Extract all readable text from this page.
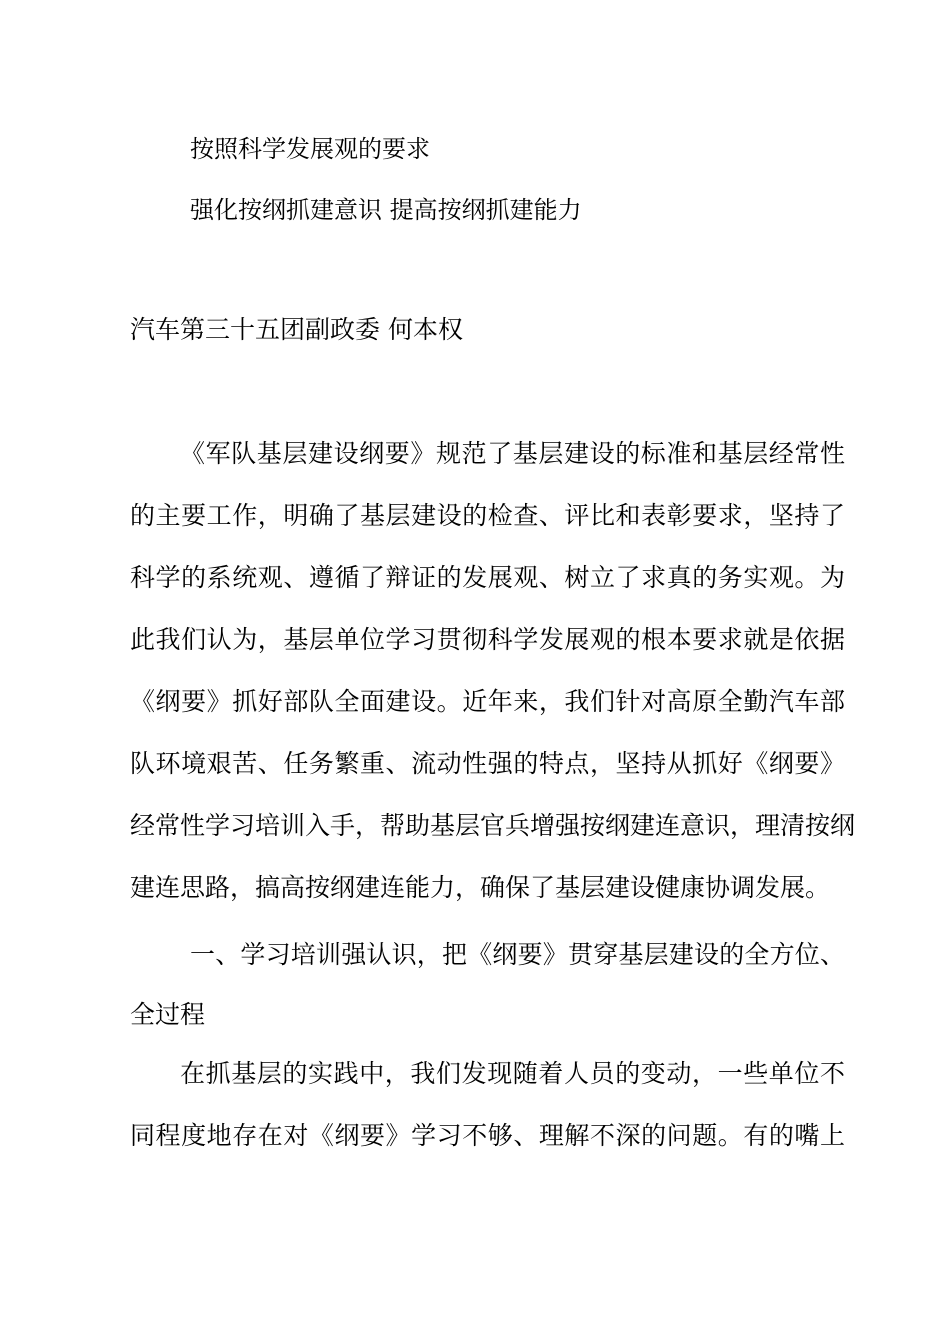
按照科学发展观的要求
强化按纲抓建意识 提高按纲抓建能力
汽车第三十五团副政委 何本权
《军队基层建设纲要》规范了基层建设的标准和基层经常性
的主要工作，明确了基层建设的检查、评比和表彰要求，坚持了
科学的系统观、遵循了辩证的发展观、树立了求真的务实观。为
此我们认为，基层单位学习贯彻科学发展观的根本要求就是依据
《纲要》抓好部队全面建设。近年来，我们针对高原全勤汽车部
队环境艰苦、任务繁重、流动性强的特点，坚持从抓好《纲要》
经常性学习培训入手，帮助基层官兵增强按纲建连意识，理清按纲
建连思路，搞高按纲建连能力，确保了基层建设健康协调发展。
一、学习培训强认识，把《纲要》贯穿基层建设的全方位、
全过程
在抓基层的实践中，我们发现随着人员的变动，一些单位不
同程度地存在对《纲要》学习不够、理解不深的问题。有的嘴上
